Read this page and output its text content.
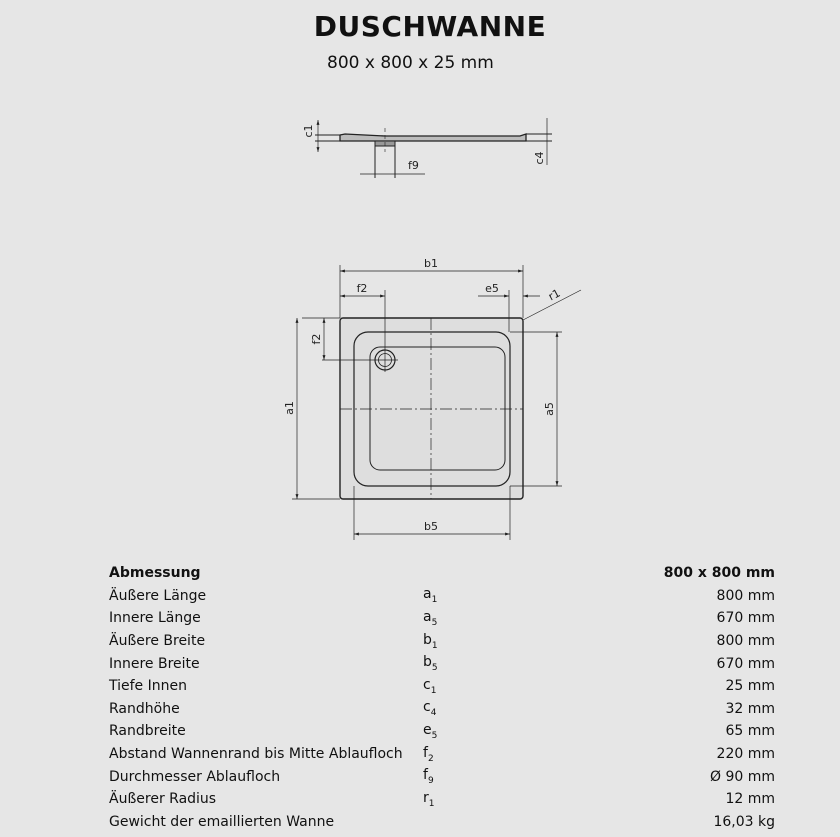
DUSCHWANNE
800 x 800 x 25 mm
c1
c4
f9
b1
f2	e5	r1
f2
a1	a5
b5
Abmessung		800 x 800 mm
Äußere Länge	$a_1$	800 mm
Innere Länge	$a_5$	670 mm
Äußere Breite	$b_1$	800 mm
Innere Breite	$b_5$	670 mm
Tiefe Innen	$c_1$	25 mm
Randhöhe	$c_4$	32 mm
Randbreite	$e_5$	65 mm
Abstand Wannenrand bis Mitte Ablaufloch	$f_2$	220 mm
Durchmesser Ablaufloch	$f_9$	Ø 90 mm
Äußerer Radius	$r_1$	12 mm
Gewicht der emaillierten Wanne		16,03 kg
